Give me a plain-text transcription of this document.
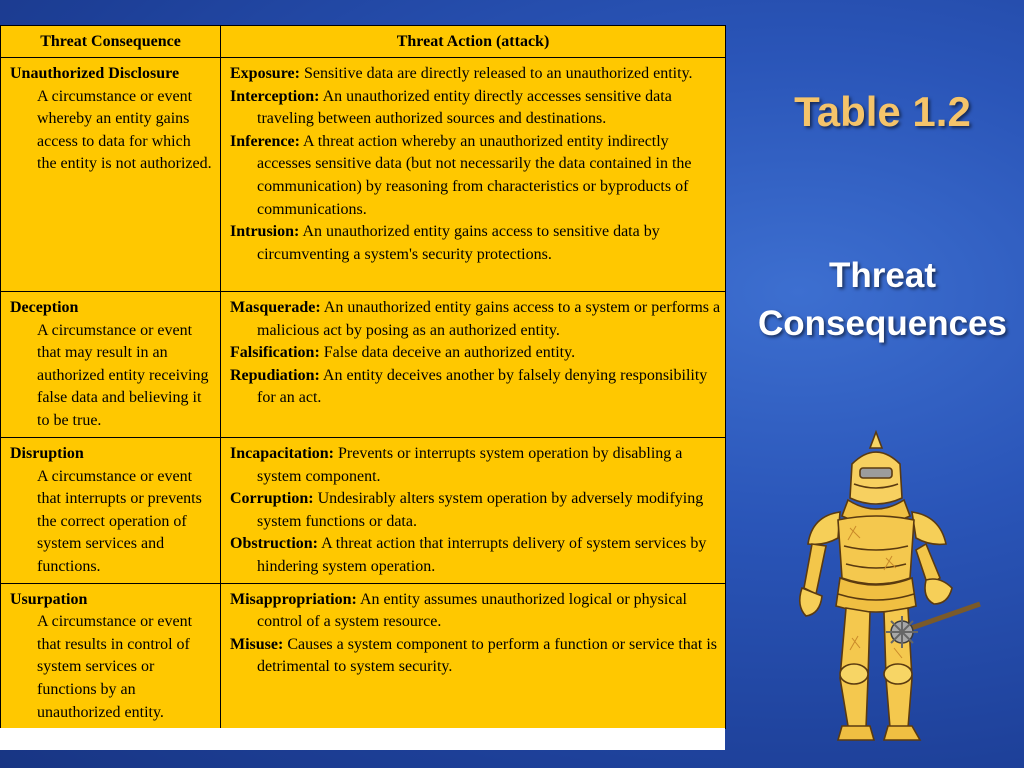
Threat Consequence	Threat Action (attack)

Unauthorized Disclosure
A circumstance or event whereby an entity gains access to data for which the entity is not authorized.	Exposure: Sensitive data are directly released to an unauthorized entity.
Interception: An unauthorized entity directly accesses sensitive data traveling between authorized sources and destinations.
Inference: A threat action whereby an unauthorized entity indirectly accesses sensitive data (but not necessarily the data contained in the communication) by reasoning from characteristics or byproducts of communications.
Intrusion: An unauthorized entity gains access to sensitive data by circumventing a system's security protections.

Deception
A circumstance or event that may result in an authorized entity receiving false data and believing it to be true.	Masquerade: An unauthorized entity gains access to a system or performs a malicious act by posing as an authorized entity.
Falsification: False data deceive an authorized entity.
Repudiation: An entity deceives another by falsely denying responsibility for an act.

Disruption
A circumstance or event that interrupts or prevents the correct operation of system services and functions.	Incapacitation: Prevents or interrupts system operation by disabling a system component.
Corruption: Undesirably alters system operation by adversely modifying system functions or data.
Obstruction: A threat action that interrupts delivery of system services by hindering system operation.

Usurpation
A circumstance or event that results in control of system services or functions by an unauthorized entity.	Misappropriation: An entity assumes unauthorized logical or physical control of a system resource.
Misuse: Causes a system component to perform a function or service that is detrimental to system security.
Table 1.2
Threat
Consequences
